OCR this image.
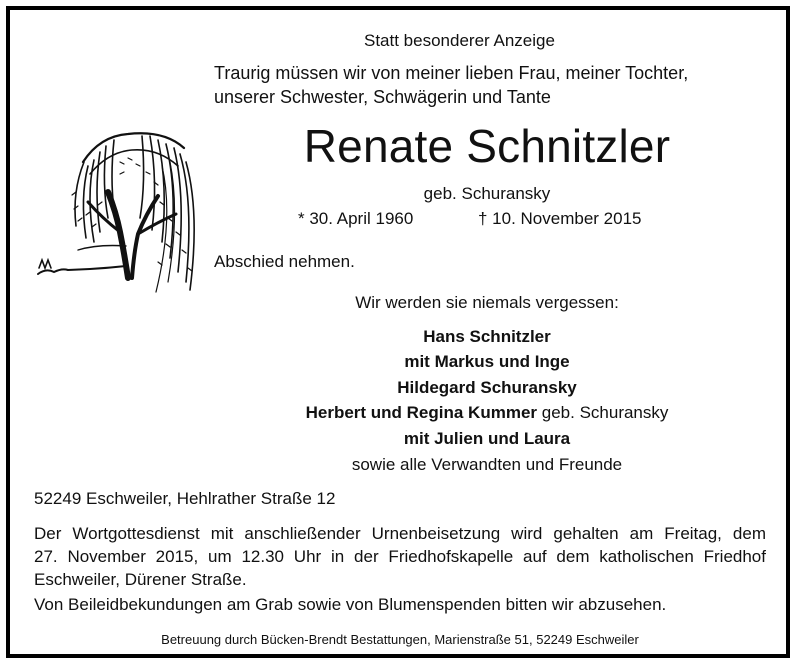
Statt besonderer Anzeige
Traurig müssen wir von meiner lieben Frau, meiner Tochter,
unserer Schwester, Schwägerin und Tante
Renate Schnitzler
geb. Schuransky
* 30. April 1960	† 10. November 2015
Abschied nehmen.
Wir werden sie niemals vergessen:
Hans Schnitzler
mit Markus und Inge
Hildegard Schuransky
Herbert und Regina Kummer geb. Schuransky
mit Julien und Laura
sowie alle Verwandten und Freunde
52249 Eschweiler, Hehlrather Straße 12
Der Wortgottesdienst mit anschließender Urnenbeisetzung wird gehalten am Freitag, dem
27. November 2015, um 12.30 Uhr in der Friedhofskapelle auf dem katholischen Friedhof
Eschweiler, Dürener Straße.
Von Beileidbekundungen am Grab sowie von Blumenspenden bitten wir abzusehen.
Betreuung durch Bücken-Brendt Bestattungen, Marienstraße 51, 52249 Eschweiler
